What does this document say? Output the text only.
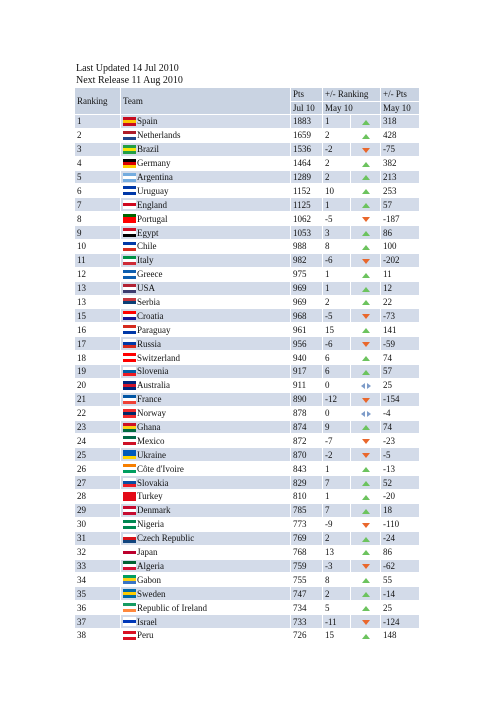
Last Updated 14 Jul 2010
Next Release 11 Aug 2010
Ranking	Team	Pts	+/- Ranking		+/- Pts
		Jul 10	May 10		May 10
1	Spain	1883	1		318
2	Netherlands	1659	2		428
3	Brazil	1536	-2		-75
4	Germany	1464	2		382
5	Argentina	1289	2		213
6	Uruguay	1152	10		253
7	England	1125	1		57
8	Portugal	1062	-5		-187
9	Egypt	1053	3		86
10	Chile	988	8		100
11	Italy	982	-6		-202
12	Greece	975	1		11
13	USA	969	1		12
13	Serbia	969	2		22
15	Croatia	968	-5		-73
16	Paraguay	961	15		141
17	Russia	956	-6		-59
18	Switzerland	940	6		74
19	Slovenia	917	6		57
20	Australia	911	0		25
21	France	890	-12		-154
22	Norway	878	0		-4
23	Ghana	874	9		74
24	Mexico	872	-7		-23
25	Ukraine	870	-2		-5
26	Côte d'Ivoire	843	1		-13
27	Slovakia	829	7		52
28	Turkey	810	1		-20
29	Denmark	785	7		18
30	Nigeria	773	-9		-110
31	Czech Republic	769	2		-24
32	Japan	768	13		86
33	Algeria	759	-3		-62
34	Gabon	755	8		55
35	Sweden	747	2		-14
36	Republic of Ireland	734	5		25
37	Israel	733	-11		-124
38	Peru	726	15		148
